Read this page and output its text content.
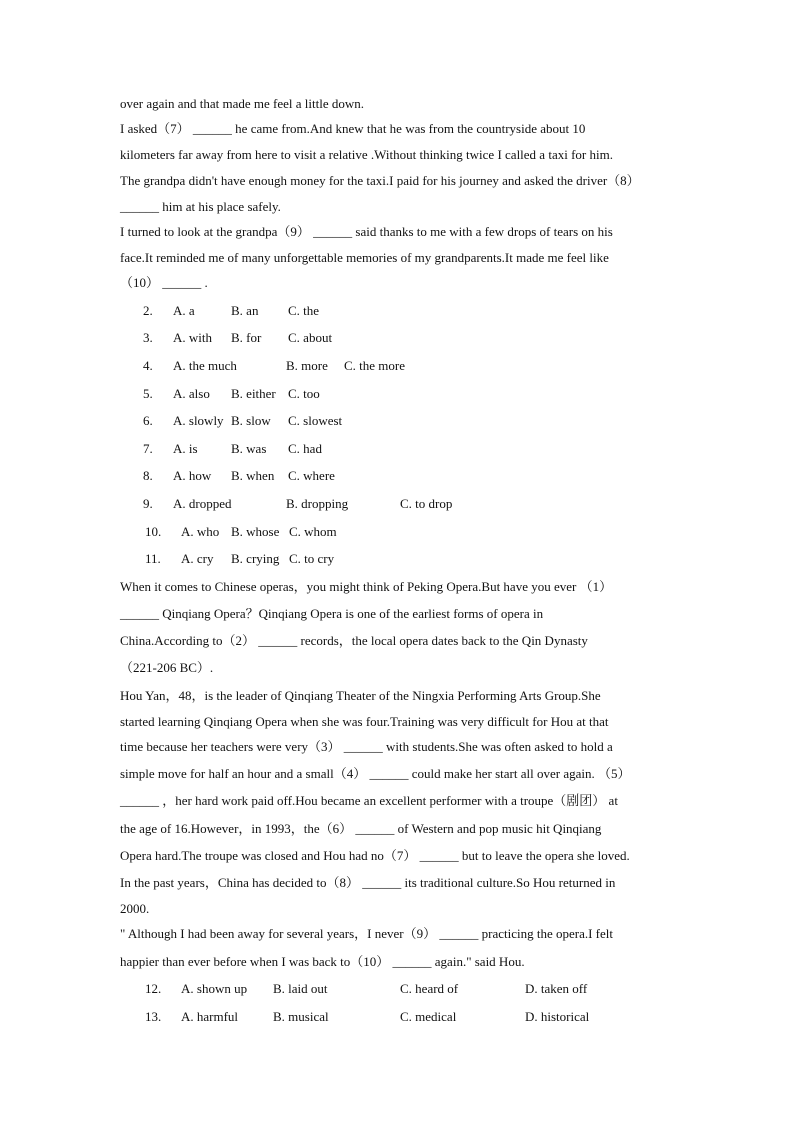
over again and that made me feel a little down.
I asked（7） ______ he came from.And knew that he was from the countryside about 10
kilometers far away from here to visit a relative .Without thinking twice I called a taxi for him.
The grandpa didn't have enough money for the taxi.I paid for his journey and asked the driver（8）
______ him at his place safely.
I turned to look at the grandpa（9） ______ said thanks to me with a few drops of tears on his
face.It reminded me of many unforgettable memories of my grandparents.It made me feel like
（10） ______ .
2. A. a	B. an C. the
3. A. with B. for C. about
4. A. the much	B. more C. the more
5. A. also B. either C. too
6. A. slowly B. slow C. slowest
7. A. is	B. was C. had
8. A. how B. when C. where
9. A. dropped	B. dropping	C. to drop
10. A. who B. whose C. whom
11. A. cry B. crying C. to cry
When it comes to Chinese operas，you might think of Peking Opera.But have you ever （1）
______ Qinqiang Opera？Qinqiang Opera is one of the earliest forms of opera in
China.According to（2） ______ records，the local opera dates back to the Qin Dynasty
（221-206 BC）.
Hou Yan，48，is the leader of Qinqiang Theater of the Ningxia Performing Arts Group.She
started learning Qinqiang Opera when she was four.Training was very difficult for Hou at that
time because her teachers were very（3） ______ with students.She was often asked to hold a
simple move for half an hour and a small（4） ______ could make her start all over again. （5）
______ ，her hard work paid off.Hou became an excellent performer with a troupe（剧团） at
the age of 16.However，in 1993，the（6） ______ of Western and pop music hit Qinqiang
Opera hard.The troupe was closed and Hou had no（7） ______ but to leave the opera she loved.
In the past years，China has decided to（8） ______ its traditional culture.So Hou returned in
2000.
" Although I had been away for several years，I never（9） ______ practicing the opera.I felt
happier than ever before when I was back to（10） ______ again." said Hou.
12. A. shown up B. laid out	C. heard of	D. taken off
13. A. harmful	B. musical	C. medical	D. historical
